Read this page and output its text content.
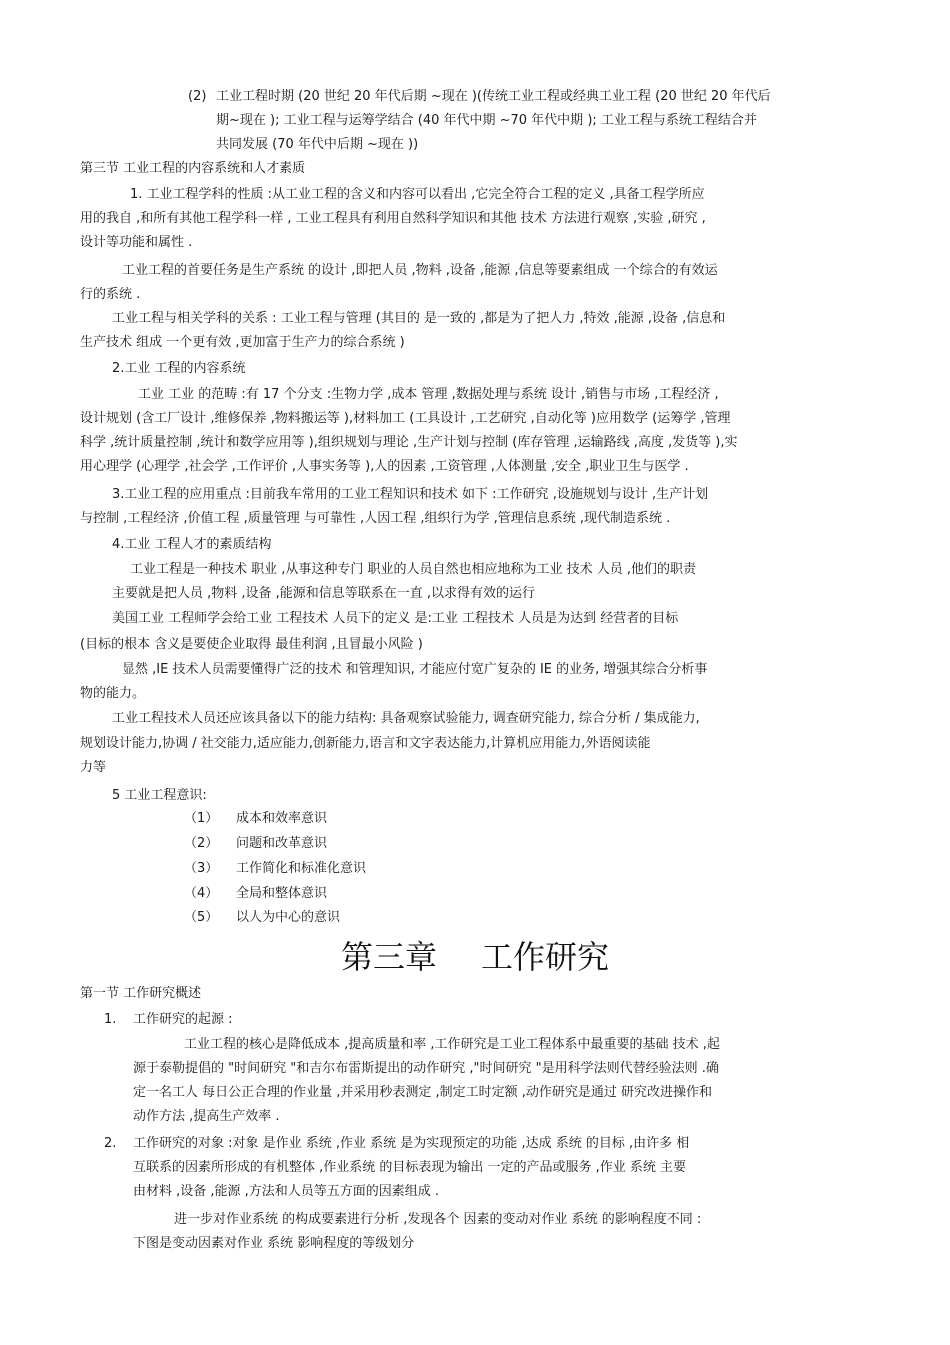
(2) 工业工程时期 (20 世纪 20 年代后期 ~现在 )(传统工业工程或经典工业工程 (20 世纪 20 年代后
期~现在 ); 工业工程与运筹学结合 (40 年代中期 ~70 年代中期 ); 工业工程与系统工程结合并
共同发展 (70 年代中后期 ~现在 ))
第三节 工业工程的内容系统和人才素质
1. 工业工程学科的性质 :从工业工程的含义和内容可以看出 ,它完全符合工程的定义 ,具备工程学所应
用的我自 ,和所有其他工程学科一样 , 工业工程具有利用自然科学知识和其他 技术 方法进行观察 ,实验 ,研究 ,
设计等功能和属性 .
工业工程的首要任务是生产系统 的设计 ,即把人员 ,物料 ,设备 ,能源 ,信息等要素组成 一个综合的有效运
行的系统 .
工业工程与相关学科的关系 : 工业工程与管理 (其目的 是一致的 ,都是为了把人力 ,特效 ,能源 ,设备 ,信息和
生产技术 组成 一个更有效 ,更加富于生产力的综合系统 )
2.工业 工程的内容系统
工业 工业 的范畴 :有 17 个分支 :生物力学 ,成本 管理 ,数据处理与系统 设计 ,销售与市场 ,工程经济 ,
设计规划 (含工厂设计 ,维修保养 ,物料搬运等 ),材料加工 (工具设计 ,工艺研究 ,自动化等 )应用数学 (运筹学 ,管理
科学 ,统计质量控制 ,统计和数学应用等 ),组织规划与理论 ,生产计划与控制 (库存管理 ,运输路线 ,高度 ,发货等 ),实
用心理学 (心理学 ,社会学 ,工作评价 ,人事实务等 ),人的因素 ,工资管理 ,人体测量 ,安全 ,职业卫生与医学 .
3.工业工程的应用重点 :目前我车常用的工业工程知识和技术 如下 :工作研究 ,设施规划与设计 ,生产计划
与控制 ,工程经济 ,价值工程 ,质量管理 与可靠性 ,人因工程 ,组织行为学 ,管理信息系统 ,现代制造系统 .
4.工业 工程人才的素质结构
工业工程是一种技术 职业 ,从事这种专门 职业的人员自然也相应地称为工业 技术 人员 ,他们的职责
主要就是把人员 ,物料 ,设备 ,能源和信息等联系在一直 ,以求得有效的运行
美国工业 工程师学会给工业 工程技术 人员下的定义 是:工业 工程技术 人员是为达到 经营者的目标
(目标的根本 含义是要使企业取得 最佳利润 ,且冒最小风险 )
显然 ,IE 技术人员需要懂得广泛的技术 和管理知识, 才能应付宽广复杂的 IE 的业务, 增强其综合分析事
物的能力。
工业工程技术人员还应该具备以下的能力结构: 具备观察试验能力, 调查研究能力, 综合分析 / 集成能力,
规划设计能力,协调 / 社交能力,适应能力,创新能力,语言和文字表达能力,计算机应用能力,外语阅读能
力等
5 工业工程意识:
（1） 成本和效率意识
（2） 问题和改革意识
（3） 工作简化和标准化意识
（4） 全局和整体意识
（5） 以人为中心的意识
第三章 工作研究
第一节 工作研究概述
1. 工作研究的起源 :
工业工程的核心是降低成本 ,提高质量和率 ,工作研究是工业工程体系中最重要的基础 技术 ,起
源于泰勒提倡的 "时间研究 "和吉尔布雷斯提出的动作研究 ,"时间研究 "是用科学法则代替经验法则 .确
定一名工人 每日公正合理的作业量 ,并采用秒表测定 ,制定工时定额 ,动作研究是通过 研究改进操作和
动作方法 ,提高生产效率 .
2. 工作研究的对象 :对象 是作业 系统 ,作业 系统 是为实现预定的功能 ,达成 系统 的目标 ,由许多 相
互联系的因素所形成的有机整体 ,作业系统 的目标表现为输出 一定的产品或服务 ,作业 系统 主要
由材料 ,设备 ,能源 ,方法和人员等五方面的因素组成 .
进一步对作业系统 的构成要素进行分析 ,发现各个 因素的变动对作业 系统 的影响程度不同 :
下图是变动因素对作业 系统 影响程度的等级划分
